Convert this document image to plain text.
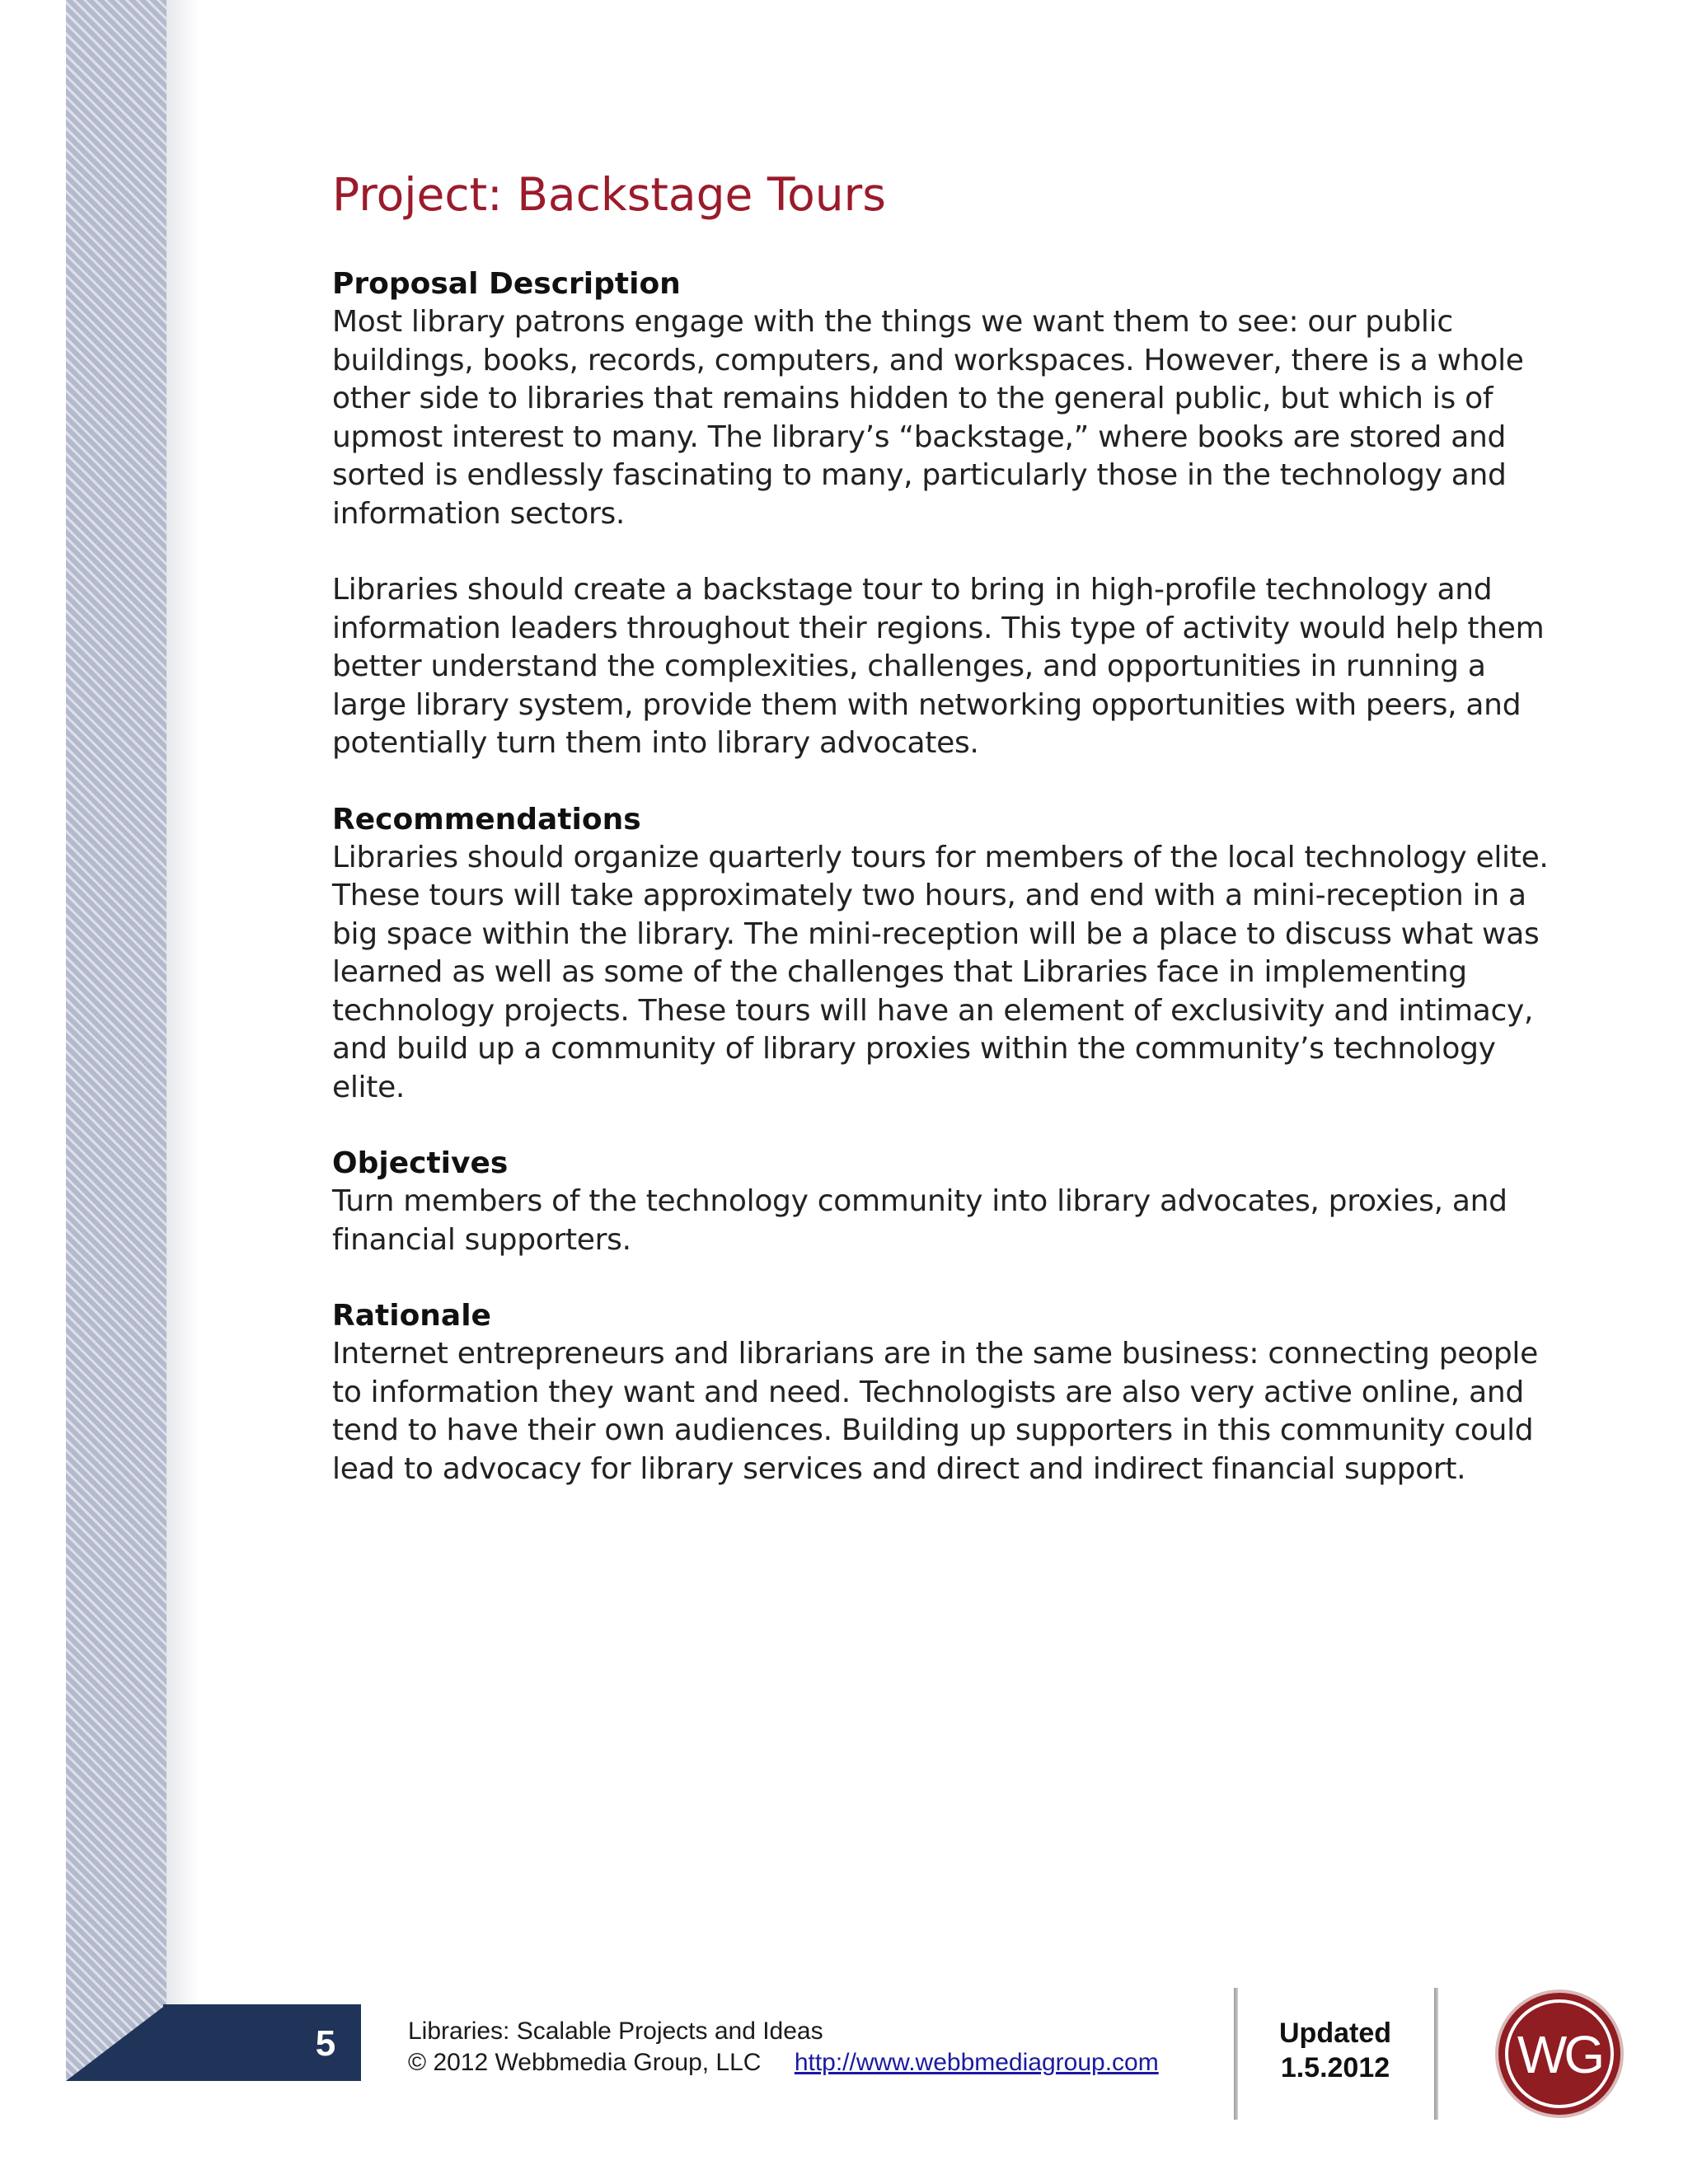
5
Project: Backstage Tours
Proposal Description

Most library patrons engage with the things we want them to see: our public buildings, books, records, computers, and workspaces. However, there is a whole other side to libraries that remains hidden to the general public, but which is of upmost interest to many. The library’s “backstage,” where books are stored and sorted is endlessly fascinating to many, particularly those in the technology and information sectors.

Libraries should create a backstage tour to bring in high-profile technology and information leaders throughout their regions. This type of activity would help them better understand the complexities, challenges, and opportunities in running a large library system, provide them with networking opportunities with peers, and potentially turn them into library advocates.

Recommendations

Libraries should organize quarterly tours for members of the local technology elite. These tours will take approximately two hours, and end with a mini-reception in a big space within the library. The mini-reception will be a place to discuss what was learned as well as some of the challenges that Libraries face in implementing technology projects. These tours will have an element of exclusivity and intimacy, and build up a community of library proxies within the community’s technology elite.

Objectives

Turn members of the technology community into library advocates, proxies, and financial supporters.

Rationale

Internet entrepreneurs and librarians are in the same business: connecting people to information they want and need. Technologists are also very active online, and tend to have their own audiences. Building up supporters in this community could lead to advocacy for library services and direct and indirect financial support.

Libraries: Scalable Projects and Ideas
© 2012 Webbmedia Group, LLC http://www.webbmediagroup.com
Updated
1.5.2012	WG
